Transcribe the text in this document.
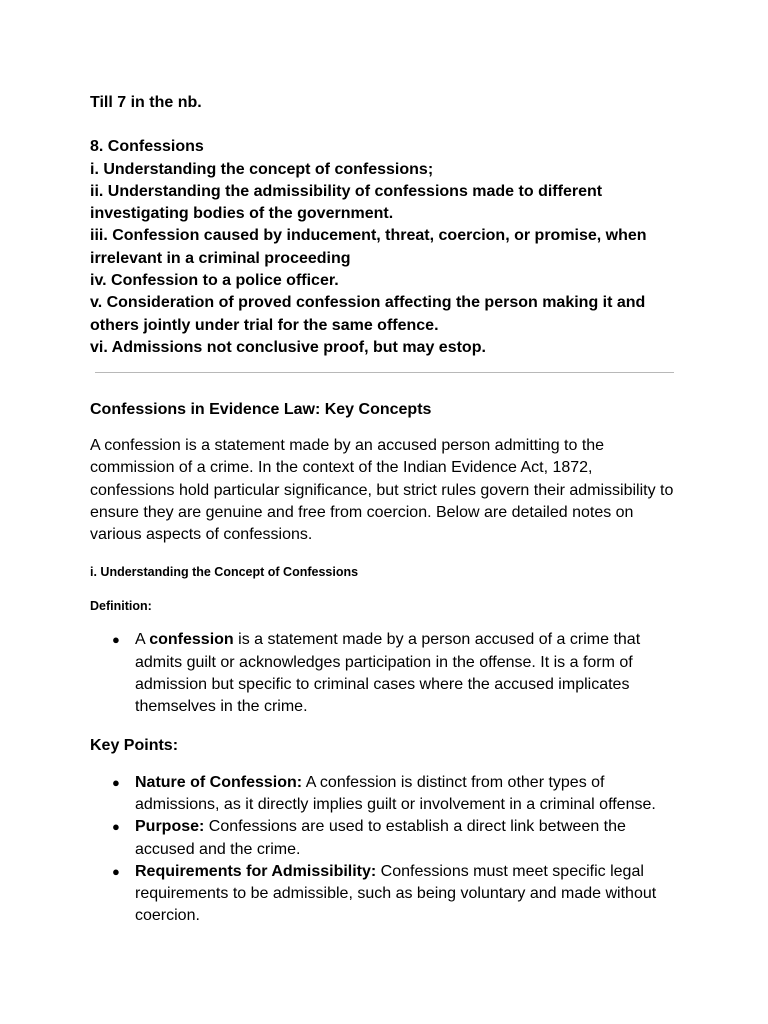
Till 7 in the nb.

8. Confessions

i. Understanding the concept of confessions;

ii. Understanding the admissibility of confessions made to different investigating bodies of the government.

iii. Confession caused by inducement, threat, coercion, or promise, when irrelevant in a criminal proceeding

iv. Confession to a police officer.

v. Consideration of proved confession affecting the person making it and others jointly under trial for the same offence.

vi. Admissions not conclusive proof, but may estop.

Confessions in Evidence Law: Key Concepts

A confession is a statement made by an accused person admitting to the commission of a crime. In the context of the Indian Evidence Act, 1872, confessions hold particular significance, but strict rules govern their admissibility to ensure they are genuine and free from coercion. Below are detailed notes on various aspects of confessions.

i. Understanding the Concept of Confessions

Definition:

● A confession is a statement made by a person accused of a crime that admits guilt or acknowledges participation in the offense. It is a form of admission but specific to criminal cases where the accused implicates themselves in the crime.

Key Points:

● Nature of Confession: A confession is distinct from other types of admissions, as it directly implies guilt or involvement in a criminal offense.
● Purpose: Confessions are used to establish a direct link between the accused and the crime.
● Requirements for Admissibility: Confessions must meet specific legal requirements to be admissible, such as being voluntary and made without coercion.
